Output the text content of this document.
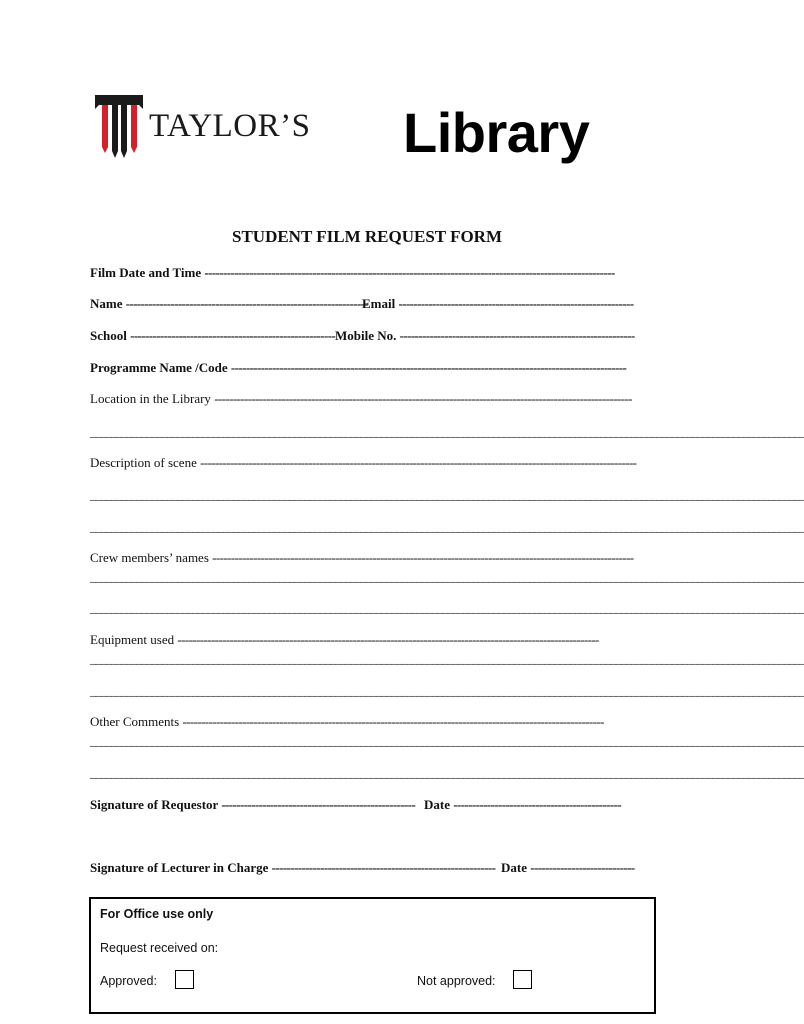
TAYLOR’S Library
STUDENT FILM REQUEST FORM
Film Date and Time --------------------------------------------------------------------------------------------------------------
Name -----------------------------------------------------------------
Email ---------------------------------------------------------------
School ------------------------------------------------------- Mobile No. ---------------------------------------------------------------
Programme Name /Code ----------------------------------------------------------------------------------------------------------
Location in the Library ----------------------------------------------------------------------------------------------------------------
____________________________________________________________________________________________________________________________________________
Description of scene ---------------------------------------------------------------------------------------------------------------------
____________________________________________________________________________________________________________________________________________
____________________________________________________________________________________________________________________________________________
Crew members’ names -----------------------------------------------------------------------------------------------------------------
____________________________________________________________________________________________________________________________________________
____________________________________________________________________________________________________________________________________________
Equipment used -----------------------------------------------------------------------------------------------------------------
____________________________________________________________________________________________________________________________________________
____________________________________________________________________________________________________________________________________________
Other Comments -----------------------------------------------------------------------------------------------------------------
____________________________________________________________________________________________________________________________________________
____________________________________________________________________________________________________________________________________________
Signature of Requestor ---------------------------------------------------- Date ---------------------------------------------
Signature of Lecturer in Charge ------------------------------------------------------------ Date ----------------------------
For Office use only
Request received on:
Approved:	Not approved:
